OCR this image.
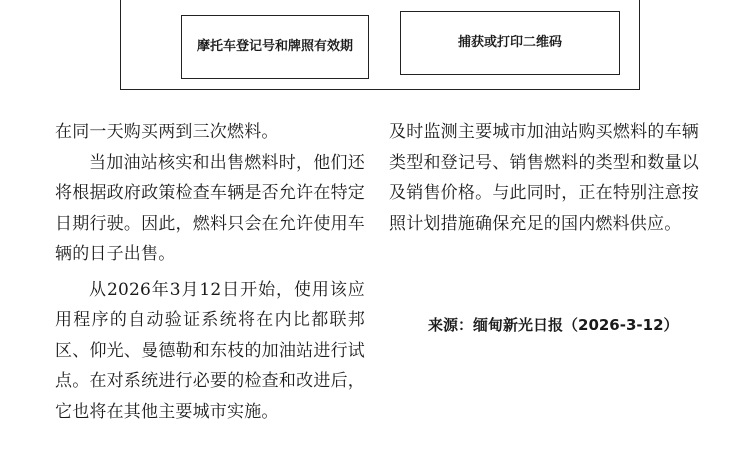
摩托车登记号和牌照有效期	捕获或打印二维码

在同一天购买两到三次燃料。

当加油站核实和出售燃料时，他们还将根据政府政策检查车辆是否允许在特定日期行驶。因此，燃料只会在允许使用车辆的日子出售。

从2026年3月12日开始，使用该应用程序的自动验证系统将在内比都联邦区、仰光、曼德勒和东枝的加油站进行试点。在对系统进行必要的检查和改进后，它也将在其他主要城市实施。

及时监测主要城市加油站购买燃料的车辆类型和登记号、销售燃料的类型和数量以及销售价格。与此同时，正在特别注意按照计划措施确保充足的国内燃料供应。

来源：缅甸新光日报（2026-3-12）
